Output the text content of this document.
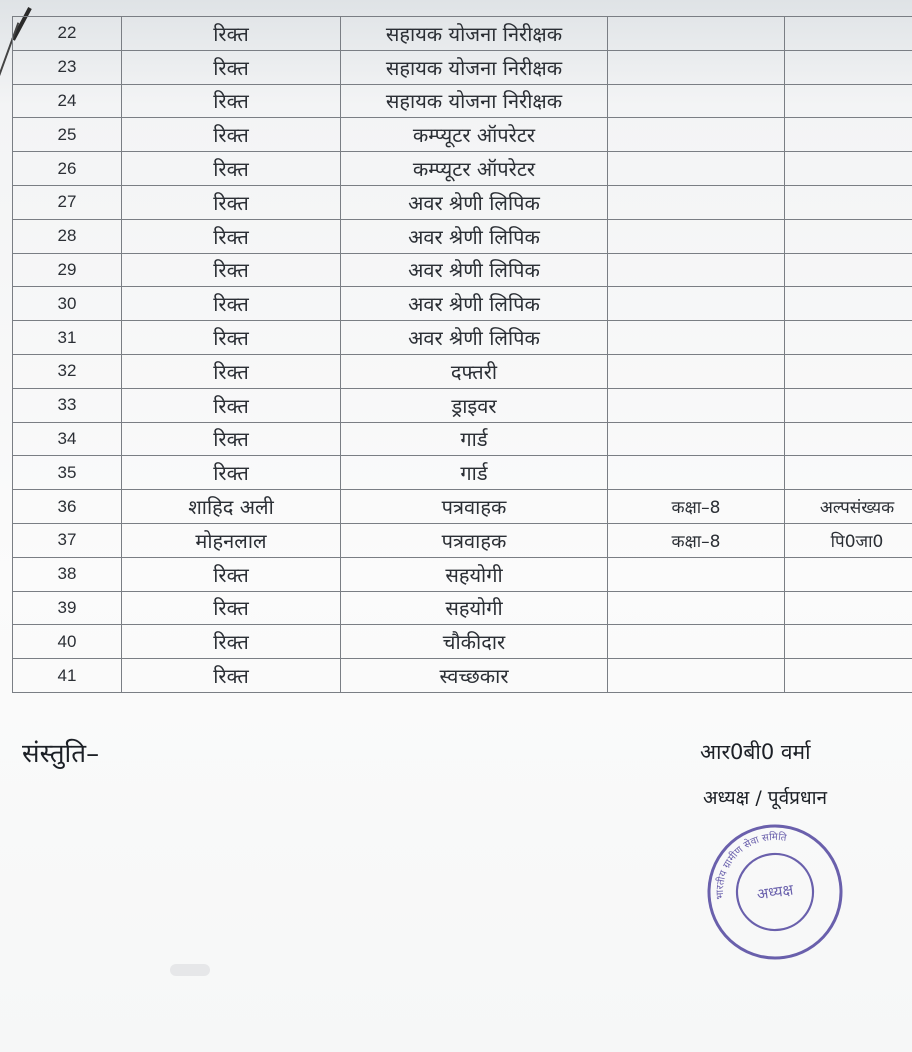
22	रिक्त	सहायक योजना निरीक्षक		
23	रिक्त	सहायक योजना निरीक्षक		
24	रिक्त	सहायक योजना निरीक्षक		
25	रिक्त	कम्प्यूटर ऑपरेटर		
26	रिक्त	कम्प्यूटर ऑपरेटर		
27	रिक्त	अवर श्रेणी लिपिक		
28	रिक्त	अवर श्रेणी लिपिक		
29	रिक्त	अवर श्रेणी लिपिक		
30	रिक्त	अवर श्रेणी लिपिक		
31	रिक्त	अवर श्रेणी लिपिक		
32	रिक्त	दफ्तरी		
33	रिक्त	ड्राइवर		
34	रिक्त	गार्ड		
35	रिक्त	गार्ड		
36	शाहिद अली	पत्रवाहक	कक्षा–8	अल्पसंख्यक
37	मोहनलाल	पत्रवाहक	कक्षा–8	पि0जा0
38	रिक्त	सहयोगी		
39	रिक्त	सहयोगी		
40	रिक्त	चौकीदार		
41	रिक्त	स्वच्छकार		
संस्तुति–	आर0बी0 वर्मा
अध्यक्ष / पूर्वप्रधान
भारतीय ग्रामीण सेवा समिति
अध्यक्ष
